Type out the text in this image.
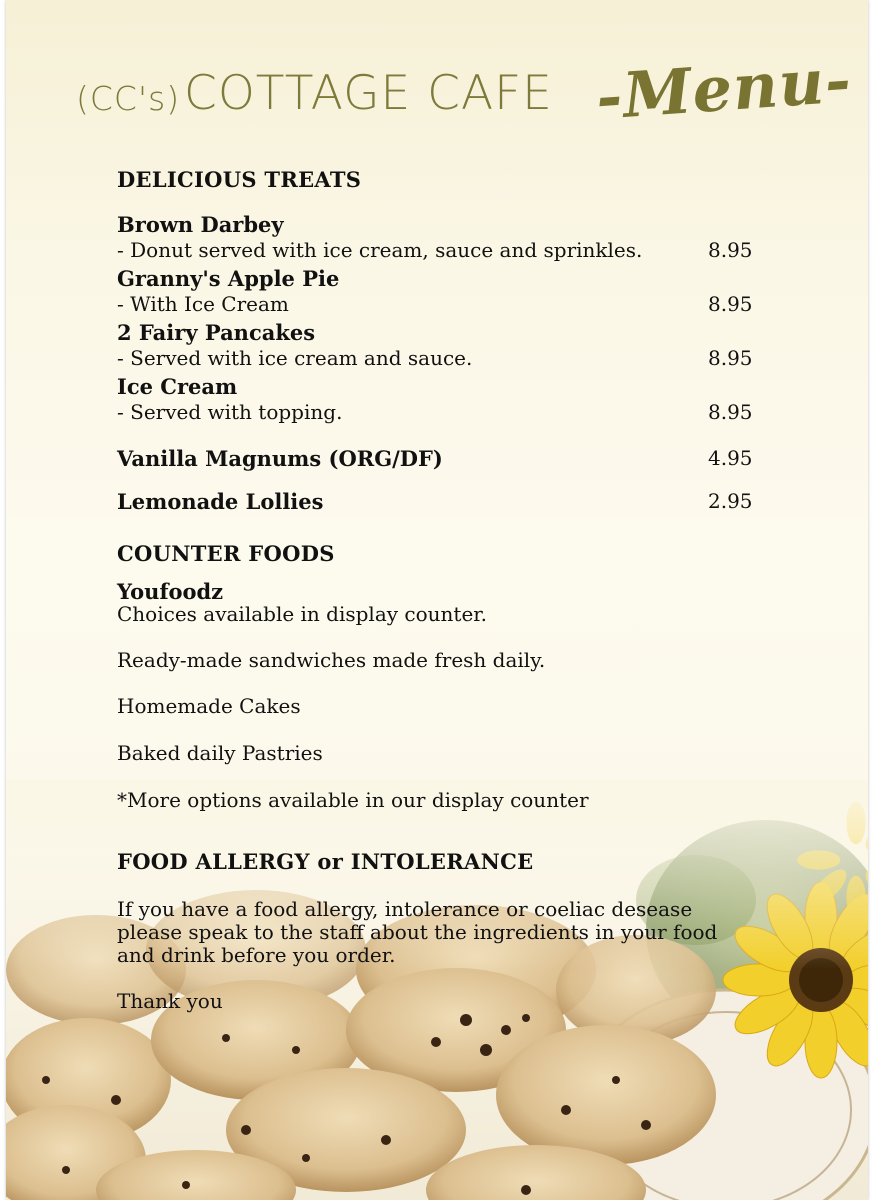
(CC's) COTTAGE CAFE -Menu-
DELICIOUS TREATS
Brown Darbey
- Donut served with ice cream, sauce and sprinkles.	8.95
Granny's Apple Pie
- With Ice Cream	8.95
2 Fairy Pancakes
- Served with ice cream and sauce.	8.95
Ice Cream
- Served with topping.	8.95
Vanilla Magnums (ORG/DF)	4.95
Lemonade Lollies	2.95
COUNTER FOODS
Youfoodz
Choices available in display counter.
Ready-made sandwiches made fresh daily.
Homemade Cakes
Baked daily Pastries
*More options available in our display counter
FOOD ALLERGY or INTOLERANCE
If you have a food allergy, intolerance or coeliac desease
please speak to the staff about the ingredients in your food
and drink before you order.
Thank you
